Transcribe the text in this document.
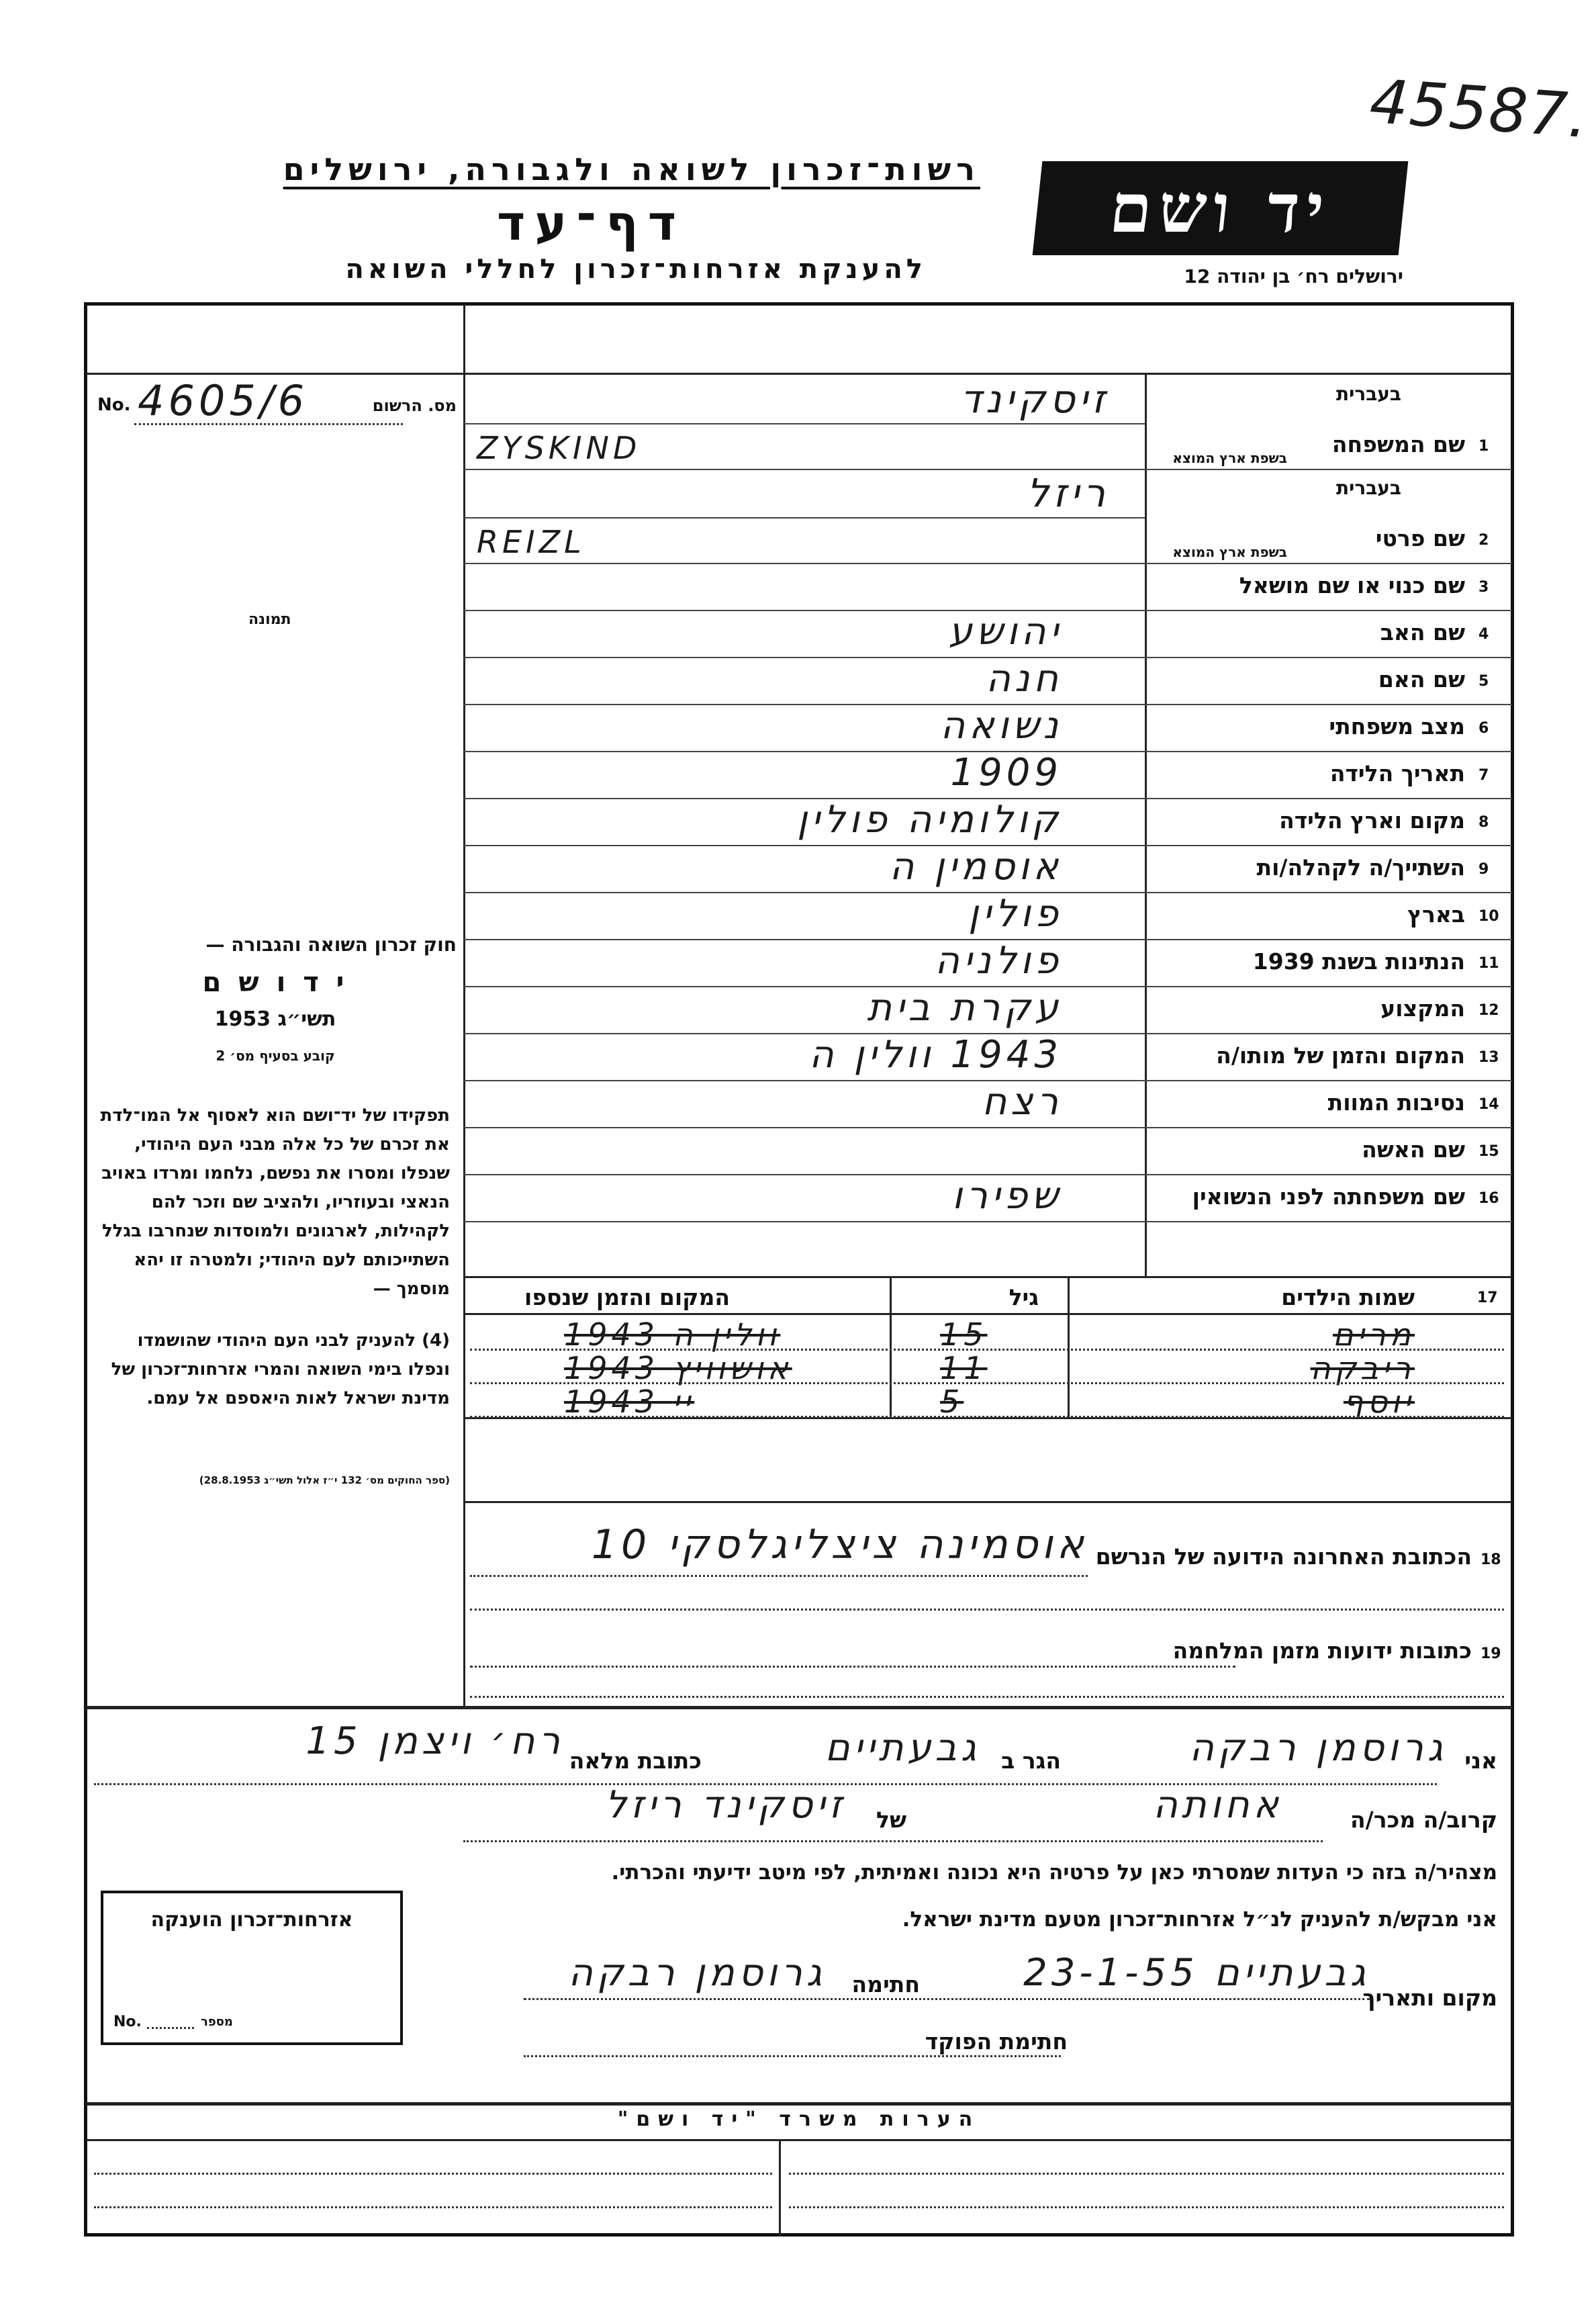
45587.
רשות־זכרון לשואה ולגבורה, ירושלים
דף־עד
להענקת אזרחות־זכרון לחללי השואה
יד ושם
ירושלים רח׳ בן יהודה 12
No. 4605/6	מס. הרשום
תמונה
1
שם המשפחה
בעברית
בשפת ארץ המוצא
זיסקינד
ZYSKIND
2
שם פרטי
בעברית
בשפת ארץ המוצא
ריזל
REIZL
3
שם כנוי או שם מושאל
4
שם האב
יהושע
5
שם האם
חנה
6
מצב משפחתי
נשואה
7
תאריך הלידה
1909
8
מקום וארץ הלידה
קולומיה פולין
9
השתייך/ה לקהלה/ות
אוסמין ה
10
בארץ
פולין
11
הנתינות בשנת 1939
פולניה
12
המקצוע
עקרת בית
13
המקום והזמן של מותו/ה
1943 וולין ה
14
נסיבות המוות
רצח
15
שם האשה
16
שם משפחתה לפני הנשואין
שפירו
17
שמות הילדים
גיל
המקום והזמן שנספו
מרים
15
1943 וולין ה
ריבקה
11
1943 אושוויץ
יוסף
5
1943 יי
18
הכתובת האחרונה הידועה של הנרשם
אוסמינה ציצליגלסקי 10
19
כתובות ידועות מזמן המלחמה
חוק זכרון השואה והגבורה —
י ד ו ש ם
תשי״ג 1953
קובע בסעיף מס׳ 2
תפקידו של יד־ושם הוא לאסוף אל המו־לדת את זכרם של כל אלה מבני העם היהודי, שנפלו ומסרו את נפשם, נלחמו ומרדו באויב הנאצי ובעוזריו, ולהציב שם וזכר להם לקהילות, לארגונים ולמוסדות שנחרבו בגלל השתייכותם לעם היהודי; ולמטרה זו יהא מוסמך —
(4) להעניק לבני העם היהודי שהושמדו ונפלו בימי השואה והמרי אזרחות־זכרון של מדינת ישראל לאות היאספם אל עמם.
(ספר החוקים מס׳ 132 י״ז אלול תשי״ג 28.8.1953)
אני
גרוסמן רבקה
הגר ב
גבעתיים
כתובת מלאה
רח׳ ויצמן 15
קרוב/ה מכר/ה
אחותה
של
זיסקינד ריזל
מצהיר/ה בזה כי העדות שמסרתי כאן על פרטיה היא נכונה ואמיתית, לפי מיטב ידיעתי והכרתי.
אני מבקש/ת להעניק לנ״ל אזרחות־זכרון מטעם מדינת ישראל.
מקום ותאריך
גבעתיים 23-1-55
חתימה
גרוסמן רבקה
חתימת הפוקד
אזרחות־זכרון הוענקה
No.	מספר
הערות משרד "יד ושם"
